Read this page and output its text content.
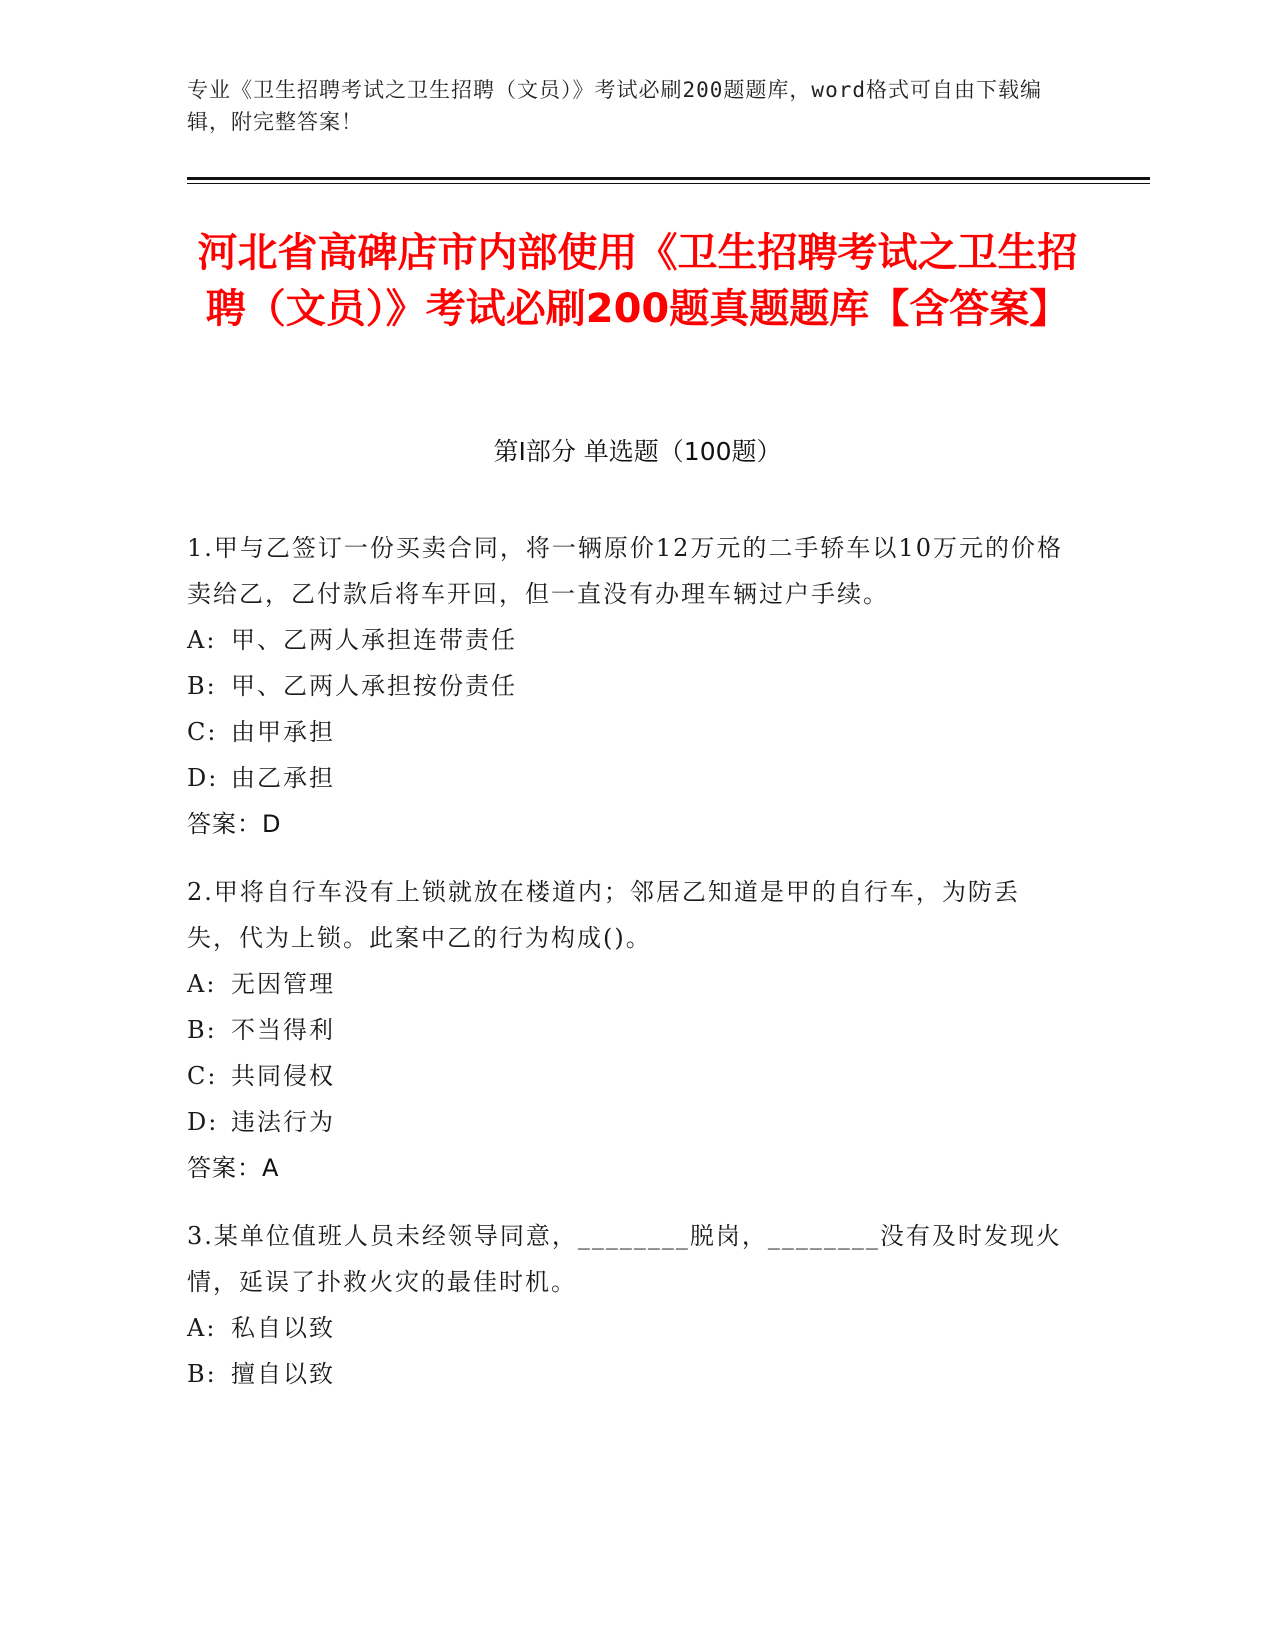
专业《卫生招聘考试之卫生招聘（文员）》考试必刷200题题库，word格式可自由下载编辑，附完整答案！
河北省高碑店市内部使用《卫生招聘考试之卫生招聘（文员）》考试必刷200题真题题库【含答案】
第Ⅰ部分 单选题（100题）

1.甲与乙签订一份买卖合同，将一辆原价12万元的二手轿车以10万元的价格卖给乙，乙付款后将车开回，但一直没有办理车辆过户手续。

A: 甲、乙两人承担连带责任

B: 甲、乙两人承担按份责任

C: 由甲承担

D: 由乙承担

答案：D

2.甲将自行车没有上锁就放在楼道内；邻居乙知道是甲的自行车，为防丢失，代为上锁。此案中乙的行为构成()。

A: 无因管理

B: 不当得利

C: 共同侵权

D: 违法行为

答案：A

3.某单位值班人员未经领导同意，________脱岗，________没有及时发现火情，延误了扑救火灾的最佳时机。

A: 私自以致

B: 擅自以致
